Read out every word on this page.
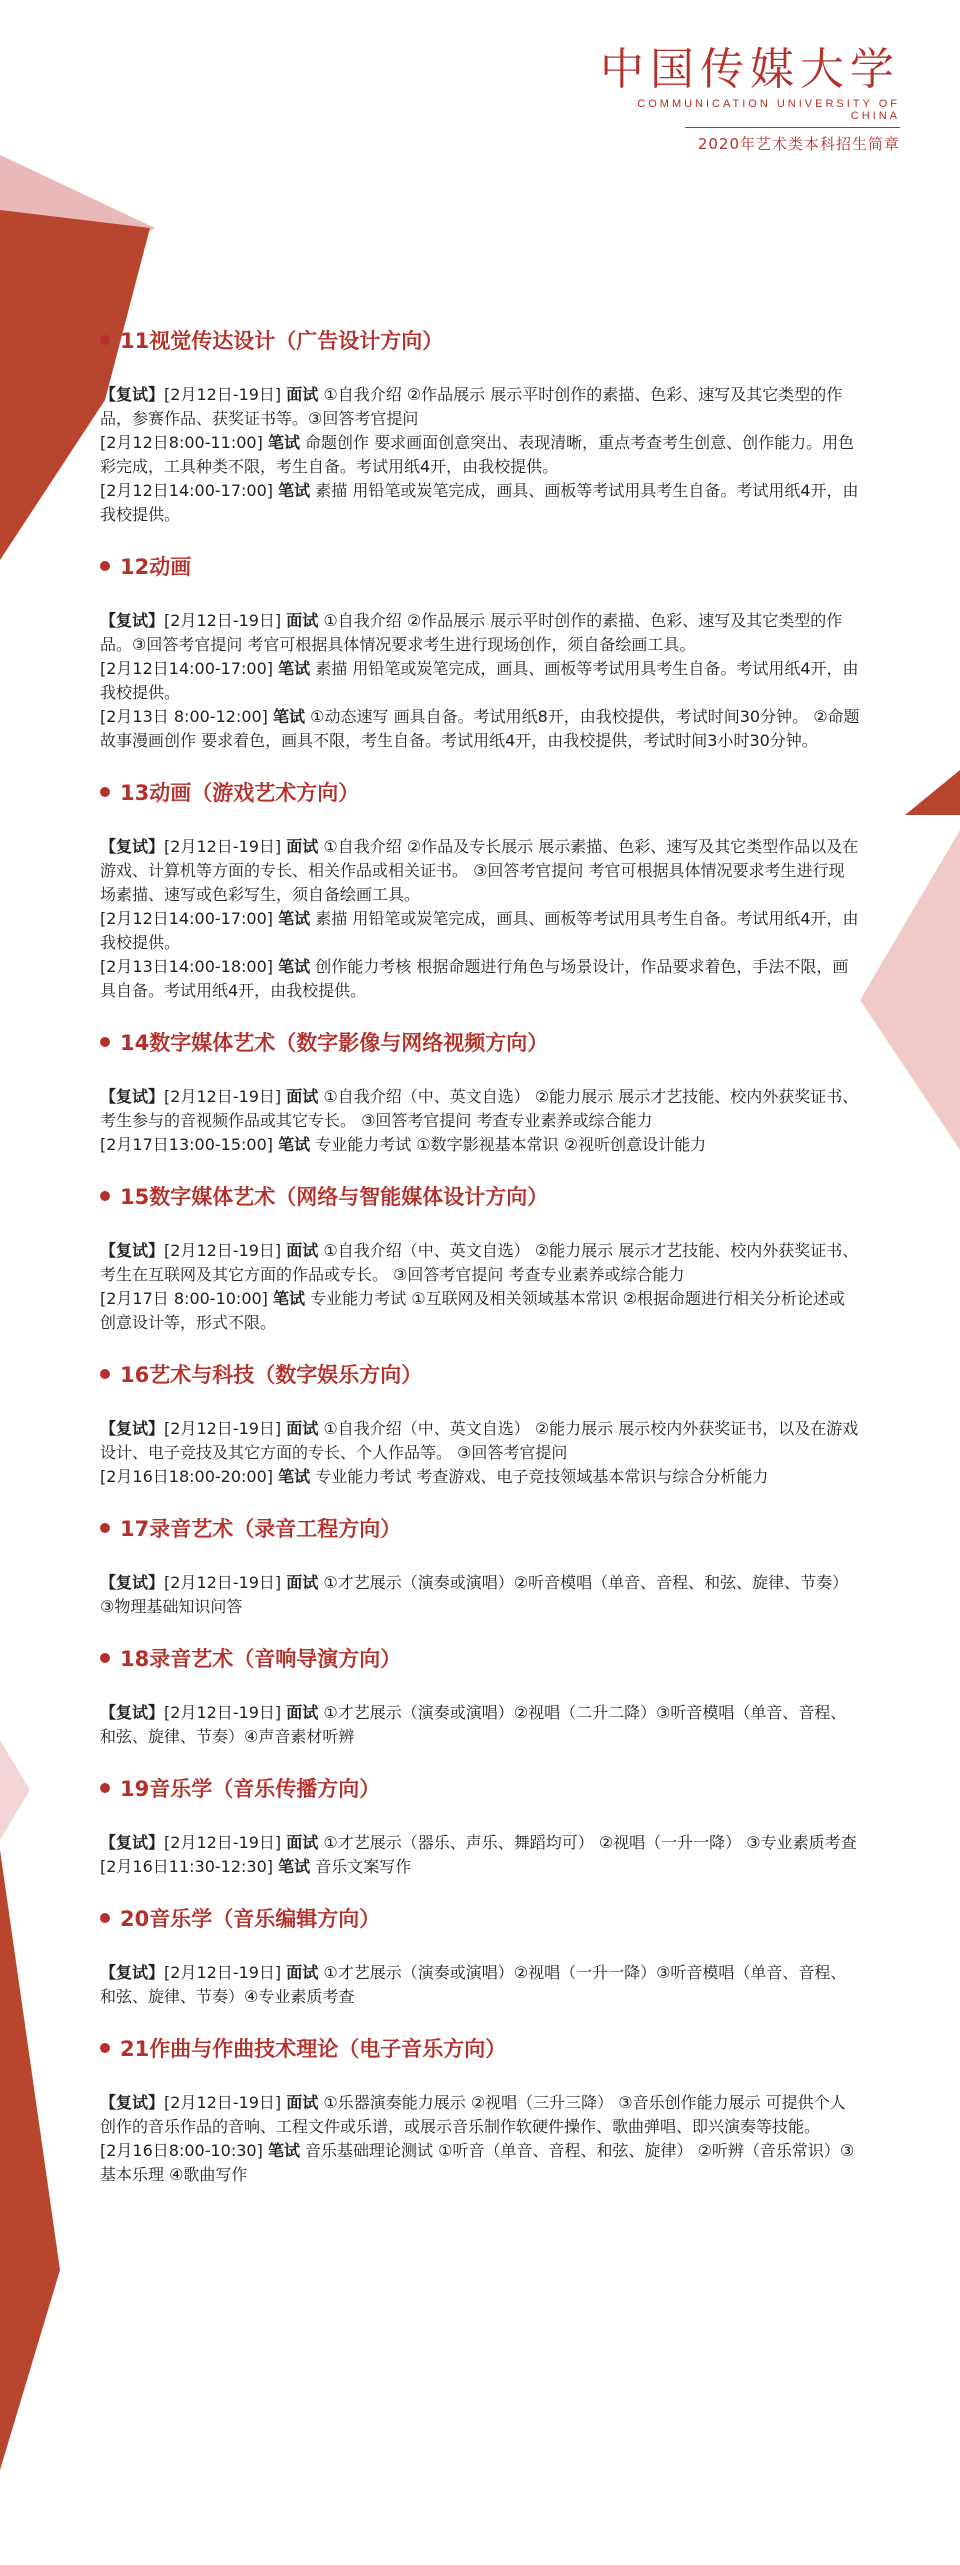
中国传媒大学
COMMUNICATION UNIVERSITY OF CHINA
2020年艺术类本科招生简章
11视觉传达设计（广告设计方向）
【复试】[2月12日-19日] 面试 ①自我介绍 ②作品展示 展示平时创作的素描、色彩、速写及其它类型的作品，参赛作品、获奖证书等。③回答考官提问
[2月12日8:00-11:00] 笔试 命题创作 要求画面创意突出、表现清晰，重点考查考生创意、创作能力。用色彩完成，工具种类不限，考生自备。考试用纸4开，由我校提供。
[2月12日14:00-17:00] 笔试 素描 用铅笔或炭笔完成，画具、画板等考试用具考生自备。考试用纸4开，由我校提供。
12动画
【复试】[2月12日-19日] 面试 ①自我介绍 ②作品展示 展示平时创作的素描、色彩、速写及其它类型的作品。③回答考官提问 考官可根据具体情况要求考生进行现场创作，须自备绘画工具。
[2月12日14:00-17:00] 笔试 素描 用铅笔或炭笔完成，画具、画板等考试用具考生自备。考试用纸4开，由我校提供。
[2月13日 8:00-12:00] 笔试 ①动态速写 画具自备。考试用纸8开，由我校提供，考试时间30分钟。 ②命题故事漫画创作 要求着色，画具不限，考生自备。考试用纸4开，由我校提供，考试时间3小时30分钟。
13动画（游戏艺术方向）
【复试】[2月12日-19日] 面试 ①自我介绍 ②作品及专长展示 展示素描、色彩、速写及其它类型作品以及在游戏、计算机等方面的专长、相关作品或相关证书。 ③回答考官提问 考官可根据具体情况要求考生进行现场素描、速写或色彩写生，须自备绘画工具。
[2月12日14:00-17:00] 笔试 素描 用铅笔或炭笔完成，画具、画板等考试用具考生自备。考试用纸4开，由我校提供。
[2月13日14:00-18:00] 笔试 创作能力考核 根据命题进行角色与场景设计，作品要求着色，手法不限，画具自备。考试用纸4开，由我校提供。
14数字媒体艺术（数字影像与网络视频方向）
【复试】[2月12日-19日] 面试 ①自我介绍（中、英文自选） ②能力展示 展示才艺技能、校内外获奖证书、考生参与的音视频作品或其它专长。 ③回答考官提问 考查专业素养或综合能力
[2月17日13:00-15:00] 笔试 专业能力考试 ①数字影视基本常识 ②视听创意设计能力
15数字媒体艺术（网络与智能媒体设计方向）
【复试】[2月12日-19日] 面试 ①自我介绍（中、英文自选） ②能力展示 展示才艺技能、校内外获奖证书、考生在互联网及其它方面的作品或专长。 ③回答考官提问 考查专业素养或综合能力
[2月17日 8:00-10:00] 笔试 专业能力考试 ①互联网及相关领域基本常识 ②根据命题进行相关分析论述或创意设计等，形式不限。
16艺术与科技（数字娱乐方向）
【复试】[2月12日-19日] 面试 ①自我介绍（中、英文自选） ②能力展示 展示校内外获奖证书，以及在游戏设计、电子竞技及其它方面的专长、个人作品等。 ③回答考官提问
[2月16日18:00-20:00] 笔试 专业能力考试 考查游戏、电子竞技领域基本常识与综合分析能力
17录音艺术（录音工程方向）
【复试】[2月12日-19日] 面试 ①才艺展示（演奏或演唱）②听音模唱（单音、音程、和弦、旋律、节奏） ③物理基础知识问答
18录音艺术（音响导演方向）
【复试】[2月12日-19日] 面试 ①才艺展示（演奏或演唱）②视唱（二升二降）③听音模唱（单音、音程、和弦、旋律、节奏）④声音素材听辨
19音乐学（音乐传播方向）
【复试】[2月12日-19日] 面试 ①才艺展示（器乐、声乐、舞蹈均可） ②视唱（一升一降） ③专业素质考查
[2月16日11:30-12:30] 笔试 音乐文案写作
20音乐学（音乐编辑方向）
【复试】[2月12日-19日] 面试 ①才艺展示（演奏或演唱）②视唱（一升一降）③听音模唱（单音、音程、和弦、旋律、节奏）④专业素质考查
21作曲与作曲技术理论（电子音乐方向）
【复试】[2月12日-19日] 面试 ①乐器演奏能力展示 ②视唱（三升三降） ③音乐创作能力展示 可提供个人创作的音乐作品的音响、工程文件或乐谱，或展示音乐制作软硬件操作、歌曲弹唱、即兴演奏等技能。
[2月16日8:00-10:30] 笔试 音乐基础理论测试 ①听音（单音、音程、和弦、旋律） ②听辨（音乐常识）③基本乐理 ④歌曲写作
